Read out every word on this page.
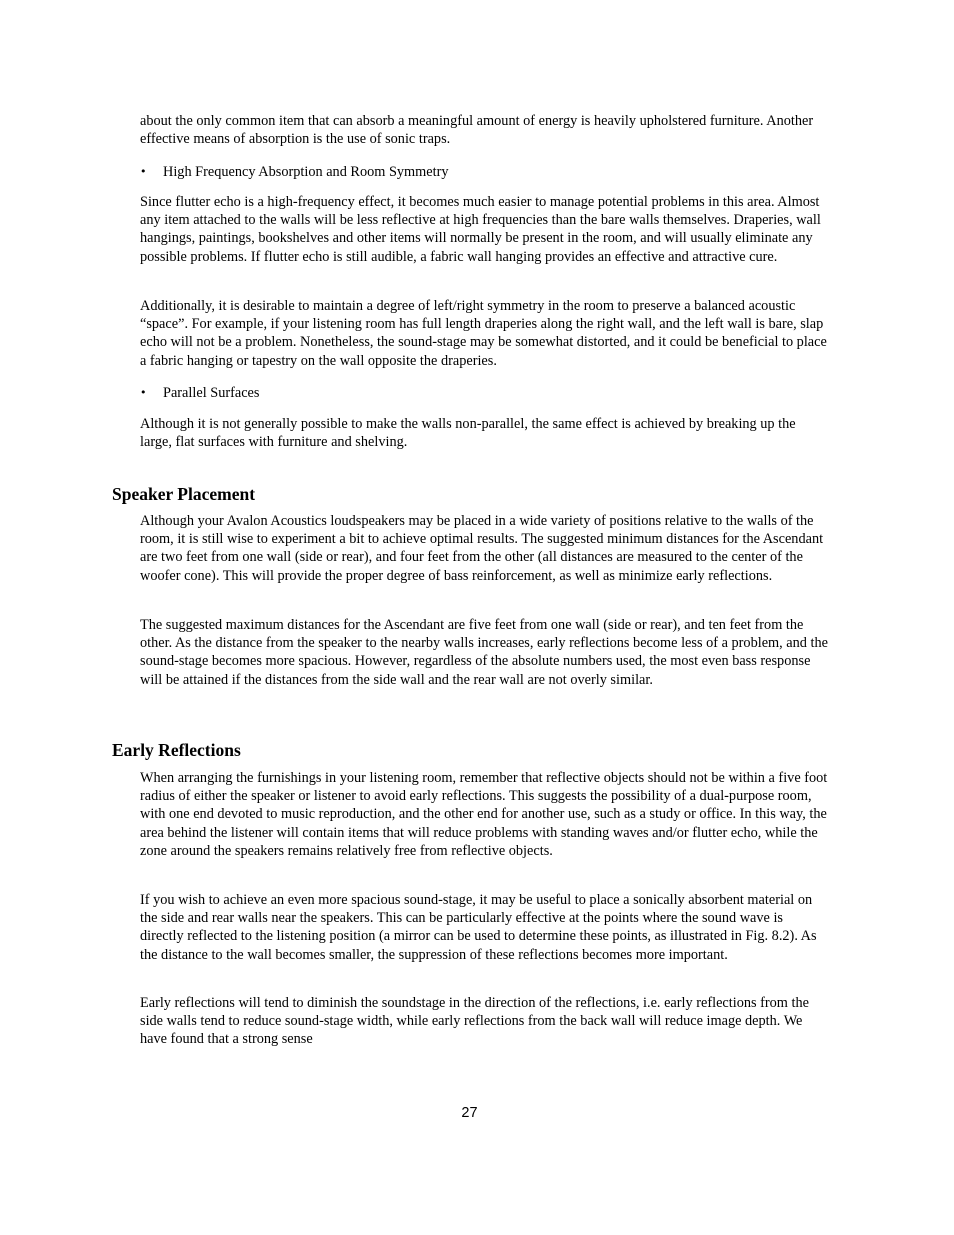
about the only common item that can absorb a meaningful amount of energy is heavily upholstered furniture. Another effective means of absorption is the use of sonic traps.

• High Frequency Absorption and Room Symmetry

Since flutter echo is a high-frequency effect, it becomes much easier to manage potential problems in this area. Almost any item attached to the walls will be less reflective at high frequencies than the bare walls themselves. Draperies, wall hangings, paintings, bookshelves and other items will normally be present in the room, and will usually eliminate any possible problems. If flutter echo is still audible, a fabric wall hanging provides an effective and attractive cure.

Additionally, it is desirable to maintain a degree of left/right symmetry in the room to preserve a balanced acoustic “space”. For example, if your listening room has full length draperies along the right wall, and the left wall is bare, slap echo will not be a problem. Nonetheless, the sound-stage may be somewhat distorted, and it could be beneficial to place a fabric hanging or tapestry on the wall opposite the draperies.

• Parallel Surfaces

Although it is not generally possible to make the walls non-parallel, the same effect is achieved by breaking up the large, flat surfaces with furniture and shelving.

Speaker Placement

Although your Avalon Acoustics loudspeakers may be placed in a wide variety of positions relative to the walls of the room, it is still wise to experiment a bit to achieve optimal results. The suggested minimum distances for the Ascendant are two feet from one wall (side or rear), and four feet from the other (all distances are measured to the center of the woofer cone). This will provide the proper degree of bass reinforcement, as well as minimize early reflections.

The suggested maximum distances for the Ascendant are five feet from one wall (side or rear), and ten feet from the other. As the distance from the speaker to the nearby walls increases, early reflections become less of a problem, and the sound-stage becomes more spacious. However, regardless of the absolute numbers used, the most even bass response will be attained if the distances from the side wall and the rear wall are not overly similar.

Early Reflections

When arranging the furnishings in your listening room, remember that reflective objects should not be within a five foot radius of either the speaker or listener to avoid early reflections. This suggests the possibility of a dual-purpose room, with one end devoted to music reproduction, and the other end for another use, such as a study or office. In this way, the area behind the listener will contain items that will reduce problems with standing waves and/or flutter echo, while the zone around the speakers remains relatively free from reflective objects.

If you wish to achieve an even more spacious sound-stage, it may be useful to place a sonically absorbent material on the side and rear walls near the speakers. This can be particularly effective at the points where the sound wave is directly reflected to the listening position (a mirror can be used to determine these points, as illustrated in Fig. 8.2). As the distance to the wall becomes smaller, the suppression of these reflections becomes more important.

Early reflections will tend to diminish the soundstage in the direction of the reflections, i.e. early reflections from the side walls tend to reduce sound-stage width, while early reflections from the back wall will reduce image depth. We have found that a strong sense

27
